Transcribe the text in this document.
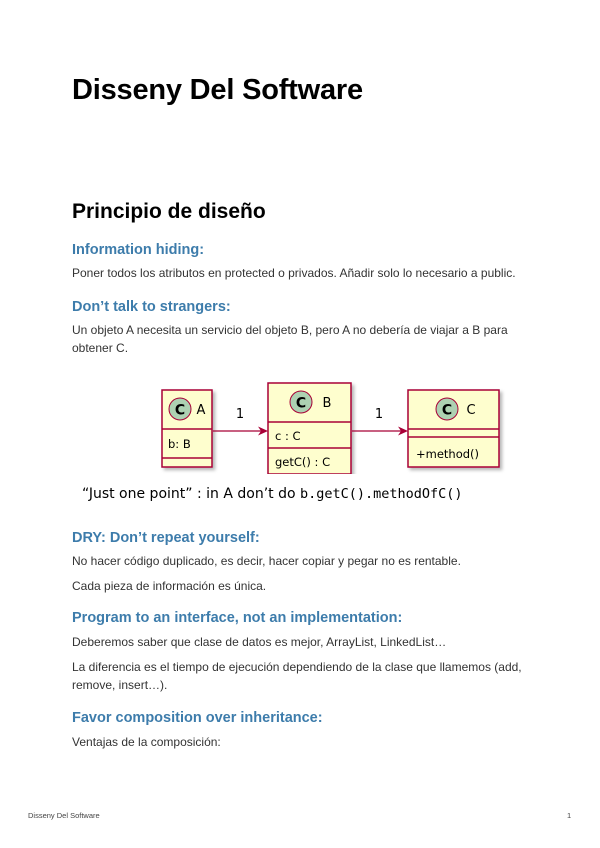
Disseny Del Software
Principio de diseño
Information hiding:

Poner todos los atributos en protected o privados. Añadir solo lo necesario a public.

Don’t talk to strangers:

Un objeto A necesita un servicio del objeto B, pero A no debería de viajar a B para obtener C.

C A
b: B
1
C B
c : C
getC() : C
1	C C
+method()

“Just one point” : in A don’t do b.getC().methodOfC()

DRY: Don’t repeat yourself:

No hacer código duplicado, es decir, hacer copiar y pegar no es rentable.

Cada pieza de información es única.

Program to an interface, not an implementation:

Deberemos saber que clase de datos es mejor, ArrayList, LinkedList…

La diferencia es el tiempo de ejecución dependiendo de la clase que llamemos (add, remove, insert…).

Favor composition over inheritance:

Ventajas de la composición:

Disseny Del Software	1
